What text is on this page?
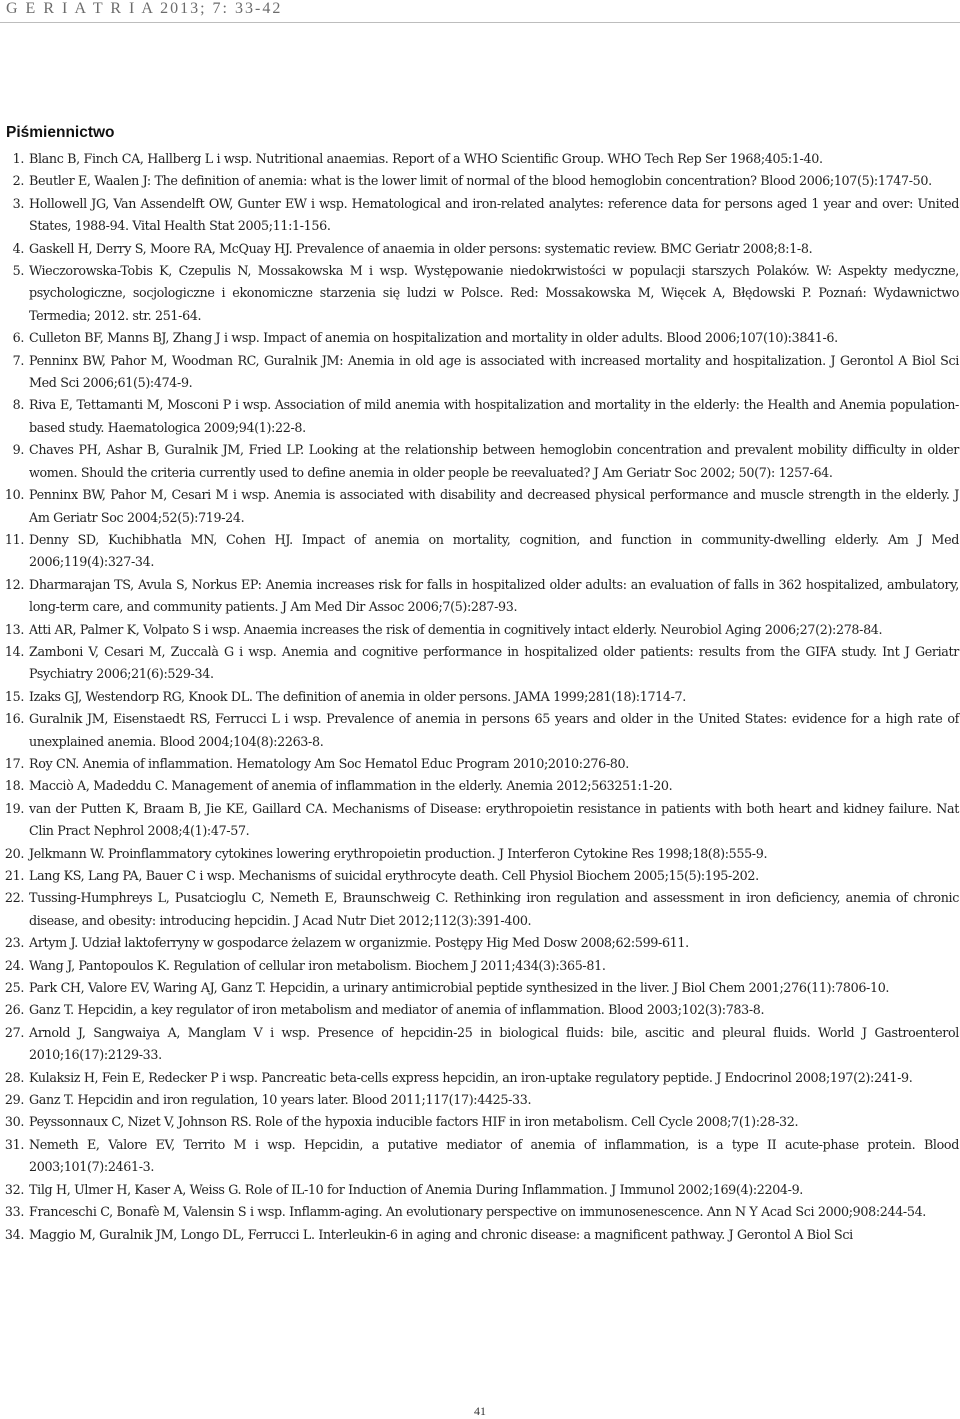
G E R I A T R I A 2013; 7: 33-42
Piśmiennictwo
1 . Blanc B, Finch CA, Hallberg L i wsp. Nutritional anaemias. Report of a WHO Scientific Group. WHO Tech Rep Ser 1968;405:1-40.
2 . Beutler E, Waalen J: The definition of anemia: what is the lower limit of normal of the blood hemoglobin concentration? Blood 2006;107(5):1747-50.
3 . Hollowell JG, Van Assendelft OW, Gunter EW i wsp. Hematological and iron-related analytes: reference data for persons aged 1 year and over: United States, 1988-94. Vital Health Stat 2005;11:1-156.
4 . Gaskell H, Derry S, Moore RA, McQuay HJ. Prevalence of anaemia in older persons: systematic review. BMC Geriatr 2008;8:1-8.
5 . Wieczorowska-Tobis K, Czepulis N, Mossakowska M i wsp. Występowanie niedokrwistości w populacji starszych Polaków. W: Aspekty medyczne, psychologiczne, socjologiczne i ekonomiczne starzenia się ludzi w Polsce. Red: Mossakowska M, Więcek A, Błędowski P. Poznań: Wydawnictwo Termedia; 2012. str. 251-64.
6 . Culleton BF, Manns BJ, Zhang J i wsp. Impact of anemia on hospitalization and mortality in older adults. Blood 2006;107(10):3841-6.
7 . Penninx BW, Pahor M, Woodman RC, Guralnik JM: Anemia in old age is associated with increased mortality and hospitalization. J Gerontol A Biol Sci Med Sci 2006;61(5):474-9.
8 . Riva E, Tettamanti M, Mosconi P i wsp. Association of mild anemia with hospitalization and mortality in the elderly: the Health and Anemia population-based study. Haematologica 2009;94(1):22-8.
9 . Chaves PH, Ashar B, Guralnik JM, Fried LP. Looking at the relationship between hemoglobin concentration and prevalent mobility difficulty in older women. Should the criteria currently used to define anemia in older people be reevaluated? J Am Geriatr Soc 2002; 50(7): 1257-64.
10 . Penninx BW, Pahor M, Cesari M i wsp. Anemia is associated with disability and decreased physical performance and muscle strength in the elderly. J Am Geriatr Soc 2004;52(5):719-24.
11 . Denny SD, Kuchibhatla MN, Cohen HJ. Impact of anemia on mortality, cognition, and function in community-dwelling elderly. Am J Med 2006;119(4):327-34.
12 . Dharmarajan TS, Avula S, Norkus EP: Anemia increases risk for falls in hospitalized older adults: an evaluation of falls in 362 hospitalized, ambulatory, long-term care, and community patients. J Am Med Dir Assoc 2006;7(5):287-93.
13 . Atti AR, Palmer K, Volpato S i wsp. Anaemia increases the risk of dementia in cognitively intact elderly. Neurobiol Aging 2006;27(2):278-84.
14 . Zamboni V, Cesari M, Zuccalà G i wsp. Anemia and cognitive performance in hospitalized older patients: results from the GIFA study. Int J Geriatr Psychiatry 2006;21(6):529-34.
15 . Izaks GJ, Westendorp RG, Knook DL. The definition of anemia in older persons. JAMA 1999;281(18):1714-7.
16 . Guralnik JM, Eisenstaedt RS, Ferrucci L i wsp. Prevalence of anemia in persons 65 years and older in the United States: evidence for a high rate of unexplained anemia. Blood 2004;104(8):2263-8.
17 . Roy CN. Anemia of inflammation. Hematology Am Soc Hematol Educ Program 2010;2010:276-80.
18 . Macciò A, Madeddu C. Management of anemia of inflammation in the elderly. Anemia 2012;563251:1-20.
19 . van der Putten K, Braam B, Jie KE, Gaillard CA. Mechanisms of Disease: erythropoietin resistance in patients with both heart and kidney failure. Nat Clin Pract Nephrol 2008;4(1):47-57.
20 . Jelkmann W. Proinflammatory cytokines lowering erythropoietin production. J Interferon Cytokine Res 1998;18(8):555-9.
21 . Lang KS, Lang PA, Bauer C i wsp. Mechanisms of suicidal erythrocyte death. Cell Physiol Biochem 2005;15(5):195-202.
22 . Tussing-Humphreys L, Pusatcioglu C, Nemeth E, Braunschweig C. Rethinking iron regulation and assessment in iron deficiency, anemia of chronic disease, and obesity: introducing hepcidin. J Acad Nutr Diet 2012;112(3):391-400.
23 . Artym J. Udział laktoferryny w gospodarce żelazem w organizmie. Postępy Hig Med Dosw 2008;62:599-611.
24 . Wang J, Pantopoulos K. Regulation of cellular iron metabolism. Biochem J 2011;434(3):365-81.
25 . Park CH, Valore EV, Waring AJ, Ganz T. Hepcidin, a urinary antimicrobial peptide synthesized in the liver. J Biol Chem 2001;276(11):7806-10.
26 . Ganz T. Hepcidin, a key regulator of iron metabolism and mediator of anemia of inflammation. Blood 2003;102(3):783-8.
27 . Arnold J, Sangwaiya A, Manglam V i wsp. Presence of hepcidin-25 in biological fluids: bile, ascitic and pleural fluids. World J Gastroenterol 2010;16(17):2129-33.
28 . Kulaksiz H, Fein E, Redecker P i wsp. Pancreatic beta-cells express hepcidin, an iron-uptake regulatory peptide. J Endocrinol 2008;197(2):241-9.
29 . Ganz T. Hepcidin and iron regulation, 10 years later. Blood 2011;117(17):4425-33.
30 . Peyssonnaux C, Nizet V, Johnson RS. Role of the hypoxia inducible factors HIF in iron metabolism. Cell Cycle 2008;7(1):28-32.
31 . Nemeth E, Valore EV, Territo M i wsp. Hepcidin, a putative mediator of anemia of inflammation, is a type II acute-phase protein. Blood 2003;101(7):2461-3.
32 . Tilg H, Ulmer H, Kaser A, Weiss G. Role of IL-10 for Induction of Anemia During Inflammation. J Immunol 2002;169(4):2204-9.
33 . Franceschi C, Bonafè M, Valensin S i wsp. Inflamm-aging. An evolutionary perspective on immunosenescence. Ann N Y Acad Sci 2000;908:244-54.
34 . Maggio M, Guralnik JM, Longo DL, Ferrucci L. Interleukin-6 in aging and chronic disease: a magnificent pathway. J Gerontol A Biol Sci
41
